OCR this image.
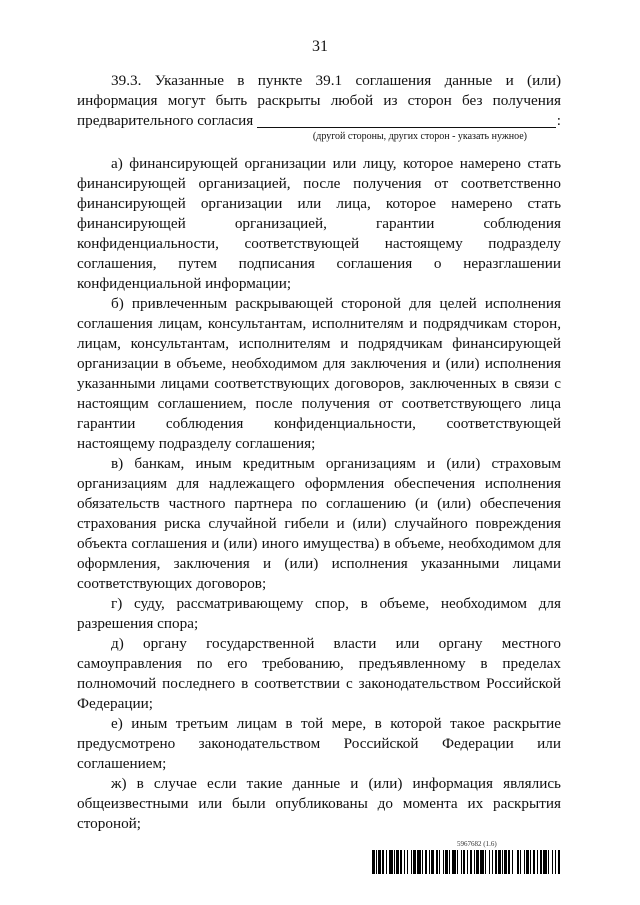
31

39.3. Указанные в пункте 39.1 соглашения данные и (или) информация могут быть раскрыты любой из сторон без получения

предварительного согласия	:
(другой стороны, других сторон - указать нужное)

а) финансирующей организации или лицу, которое намерено стать финансирующей организацией, после получения от соответственно финансирующей организации или лица, которое намерено стать финансирующей организацией, гарантии соблюдения конфиденциальности, соответствующей настоящему подразделу соглашения, путем подписания соглашения о неразглашении конфиденциальной информации;

б) привлеченным раскрывающей стороной для целей исполнения соглашения лицам, консультантам, исполнителям и подрядчикам сторон, лицам, консультантам, исполнителям и подрядчикам финансирующей организации в объеме, необходимом для заключения и (или) исполнения указанными лицами соответствующих договоров, заключенных в связи с настоящим соглашением, после получения от соответствующего лица гарантии соблюдения конфиденциальности, соответствующей настоящему подразделу соглашения;

в) банкам, иным кредитным организациям и (или) страховым организациям для надлежащего оформления обеспечения исполнения обязательств частного партнера по соглашению (и (или) обеспечения страхования риска случайной гибели и (или) случайного повреждения объекта соглашения и (или) иного имущества) в объеме, необходимом для оформления, заключения и (или) исполнения указанными лицами соответствующих договоров;

г) суду, рассматривающему спор, в объеме, необходимом для разрешения спора;

д) органу государственной власти или органу местного самоуправления по его требованию, предъявленному в пределах полномочий последнего в соответствии с законодательством Российской Федерации;

е) иным третьим лицам в той мере, в которой такое раскрытие предусмотрено законодательством Российской Федерации или соглашением;

ж) в случае если такие данные и (или) информация являлись общеизвестными или были опубликованы до момента их раскрытия стороной;

5967682 (1.6)
